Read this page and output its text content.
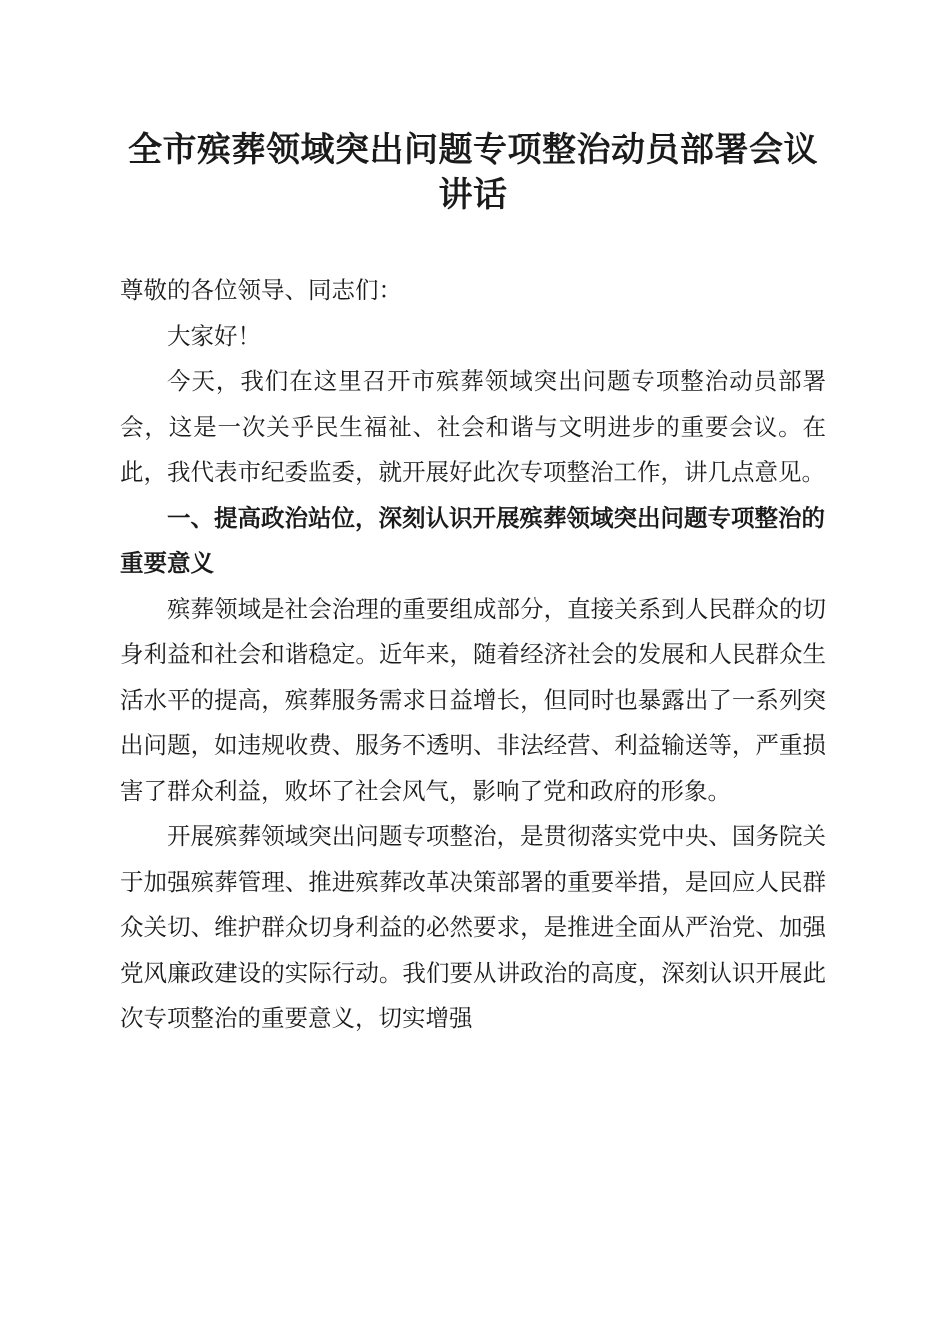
全市殡葬领域突出问题专项整治动员部署会议
讲话

尊敬的各位领导、同志们：

大家好！

今天，我们在这里召开市殡葬领域突出问题专项整治动员部署会，这是一次关乎民生福祉、社会和谐与文明进步的重要会议。在此，我代表市纪委监委，就开展好此次专项整治工作，讲几点意见。

一、提高政治站位，深刻认识开展殡葬领域突出问题专项整治的重要意义

殡葬领域是社会治理的重要组成部分，直接关系到人民群众的切身利益和社会和谐稳定。近年来，随着经济社会的发展和人民群众生活水平的提高，殡葬服务需求日益增长，但同时也暴露出了一系列突出问题，如违规收费、服务不透明、非法经营、利益输送等，严重损害了群众利益，败坏了社会风气，影响了党和政府的形象。

开展殡葬领域突出问题专项整治，是贯彻落实党中央、国务院关于加强殡葬管理、推进殡葬改革决策部署的重要举措，是回应人民群众关切、维护群众切身利益的必然要求，是推进全面从严治党、加强党风廉政建设的实际行动。我们要从讲政治的高度，深刻认识开展此次专项整治的重要意义，切实增强
